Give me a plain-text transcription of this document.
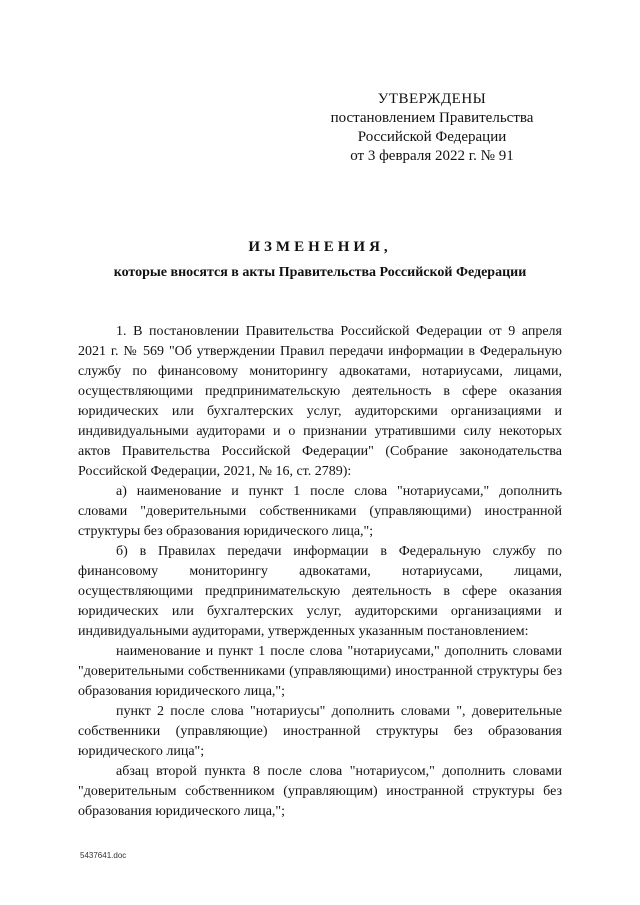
УТВЕРЖДЕНЫ
постановлением Правительства
Российской Федерации
от 3 февраля 2022 г. № 91
ИЗМЕНЕНИЯ,
которые вносятся в акты Правительства Российской Федерации

1. В постановлении Правительства Российской Федерации от 9 апреля 2021 г. № 569 "Об утверждении Правил передачи информации в Федеральную службу по финансовому мониторингу адвокатами, нотариусами, лицами, осуществляющими предпринимательскую деятельность в сфере оказания юридических или бухгалтерских услуг, аудиторскими организациями и индивидуальными аудиторами и о признании утратившими силу некоторых актов Правительства Российской Федерации" (Собрание законодательства Российской Федерации, 2021, № 16, ст. 2789):

а) наименование и пункт 1 после слова "нотариусами," дополнить словами "доверительными собственниками (управляющими) иностранной структуры без образования юридического лица,";

б) в Правилах передачи информации в Федеральную службу по финансовому мониторингу адвокатами, нотариусами, лицами, осуществляющими предпринимательскую деятельность в сфере оказания юридических или бухгалтерских услуг, аудиторскими организациями и индивидуальными аудиторами, утвержденных указанным постановлением:

наименование и пункт 1 после слова "нотариусами," дополнить словами "доверительными собственниками (управляющими) иностранной структуры без образования юридического лица,";

пункт 2 после слова "нотариусы" дополнить словами ", доверительные собственники (управляющие) иностранной структуры без образования юридического лица";

абзац второй пункта 8 после слова "нотариусом," дополнить словами "доверительным собственником (управляющим) иностранной структуры без образования юридического лица,";

5437641.doc
